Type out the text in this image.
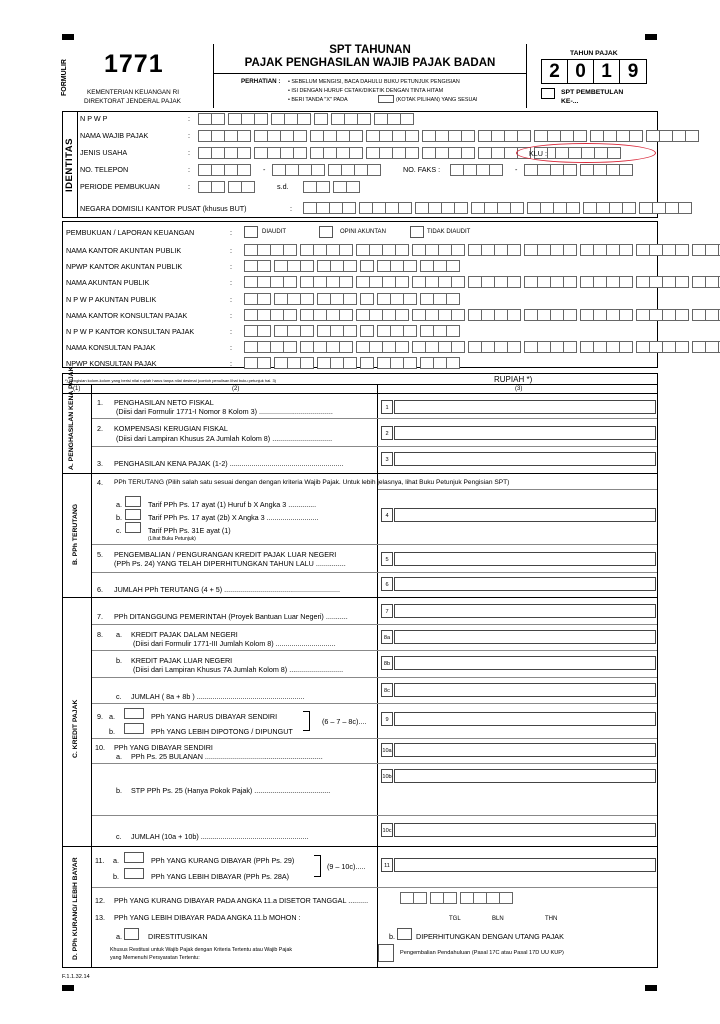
FORMULIR 1771
KEMENTERIAN KEUANGAN RI
DIREKTORAT JENDERAL PAJAK
SPT TAHUNAN
PAJAK PENGHASILAN WAJIB PAJAK BADAN
PERHATIAN : • SEBELUM MENGISI, BACA DAHULU BUKU PETUNJUK PENGISIAN
• ISI DENGAN HURUF CETAK/DIKETIK DENGAN TINTA HITAM
• BERI TANDA "X" PADA	(KOTAK PILIHAN) YANG SESUAI
TAHUN PAJAK
2 0 1 9
SPT PEMBETULAN
KE-...
IDENTITAS
N P W P	:
NAMA WAJIB PAJAK	:
JENIS USAHA	:	KLU :
NO. TELEPON	:	-	NO. FAKS :	-
PERIODE PEMBUKUAN	:	s.d.
NEGARA DOMISILI KANTOR PUSAT (khusus BUT)	:
PEMBUKUAN / LAPORAN KEUANGAN	:	DIAUDIT	OPINI AKUNTAN	TIDAK DIAUDIT
NAMA KANTOR AKUNTAN PUBLIK	:
NPWP KANTOR AKUNTAN PUBLIK	:
NAMA AKUNTAN PUBLIK	:
N P W P AKUNTAN PUBLIK	:
NAMA KANTOR KONSULTAN PAJAK	:
N P W P KANTOR KONSULTAN PAJAK	:
NAMA KONSULTAN PAJAK	:
NPWP KONSULTAN PAJAK	:
*) Pengisian kolom-kolom yang berisi nilai rupiah harus tanpa nilai desimal (contoh penulisan lihat buku petunjuk hal. 3)	RUPIAH *)
(1)	(2)	(3)
A. PENGHASILAN KENA PAJAK
B. PPh TERUTANG
C. KREDIT PAJAK
D. PPh KURANG/ LEBIH BAYAR
1. PENGHASILAN NETO FISKAL
(Diisi dari Formulir 1771-I Nomor 8 Kolom 3) .....................................	1
2. KOMPENSASI KERUGIAN FISKAL
(Diisi dari Lampiran Khusus 2A Jumlah Kolom 8) ..............................	2
3. PENGHASILAN KENA PAJAK (1-2) .........................................................	3
4. PPh TERUTANG (Pilih salah satu sesuai dengan dengan kriteria Wajib Pajak. Untuk lebih jelasnya, lihat Buku Petunjuk Pengisian SPT)
a.	Tarif PPh Ps. 17 ayat (1) Huruf b X Angka 3 ..............
b.	Tarif PPh Ps. 17 ayat (2b) X Angka 3 ..........................
c.	Tarif PPh Ps. 31E ayat (1)
(Lihat Buku Petunjuk)
4
5. PENGEMBALIAN / PENGURANGAN KREDIT PAJAK LUAR NEGERI
(PPh Ps. 24) YANG TELAH DIPERHITUNGKAN TAHUN LALU ...............	5
6. JUMLAH PPh TERUTANG (4 + 5) ..........................................................	6
7. PPh DITANGGUNG PEMERINTAH (Proyek Bantuan Luar Negeri) ...........	7
8. a. KREDIT PAJAK DALAM NEGERI
(Diisi dari Formulir 1771-III Jumlah Kolom 8) ..............................
8a
b. KREDIT PAJAK LUAR NEGERI
(Diisi dari Lampiran Khusus 7A Jumlah Kolom 8) ...........................
8b
c. JUMLAH ( 8a + 8b ) ......................................................
8c
9. a.	PPh YANG HARUS DIBAYAR SENDIRI
b.	PPh YANG LEBIH DIPOTONG / DIPUNGUT
(6 – 7 – 8c)....	9
10. PPh YANG DIBAYAR SENDIRI
a. PPh Ps. 25 BULANAN ...........................................................
10a
b. STP PPh Ps. 25 (Hanya Pokok Pajak) ......................................
10b
c. JUMLAH (10a + 10b) ......................................................
10c
11. a.	PPh YANG KURANG DIBAYAR (PPh Ps. 29)
b.	PPh YANG LEBIH DIBAYAR (PPh Ps. 28A)
(9 – 10c).....	11
12. PPh YANG KURANG DIBAYAR PADA ANGKA 11.a DISETOR TANGGAL ..........
13. PPh YANG LEBIH DIBAYAR PADA ANGKA 11.b MOHON :	TGL	BLN	THN
a.	DIRESTITUSIKAN	b.	DIPERHITUNGKAN DENGAN UTANG PAJAK
Khusus Restitusi untuk Wajib Pajak dengan Kriteria Tertentu atau Wajib Pajak
yang Memenuhi Persyaratan Tertentu:
Pengembalian Pendahuluan (Pasal 17C atau Pasal 17D UU KUP)
F.1.1.32.14
